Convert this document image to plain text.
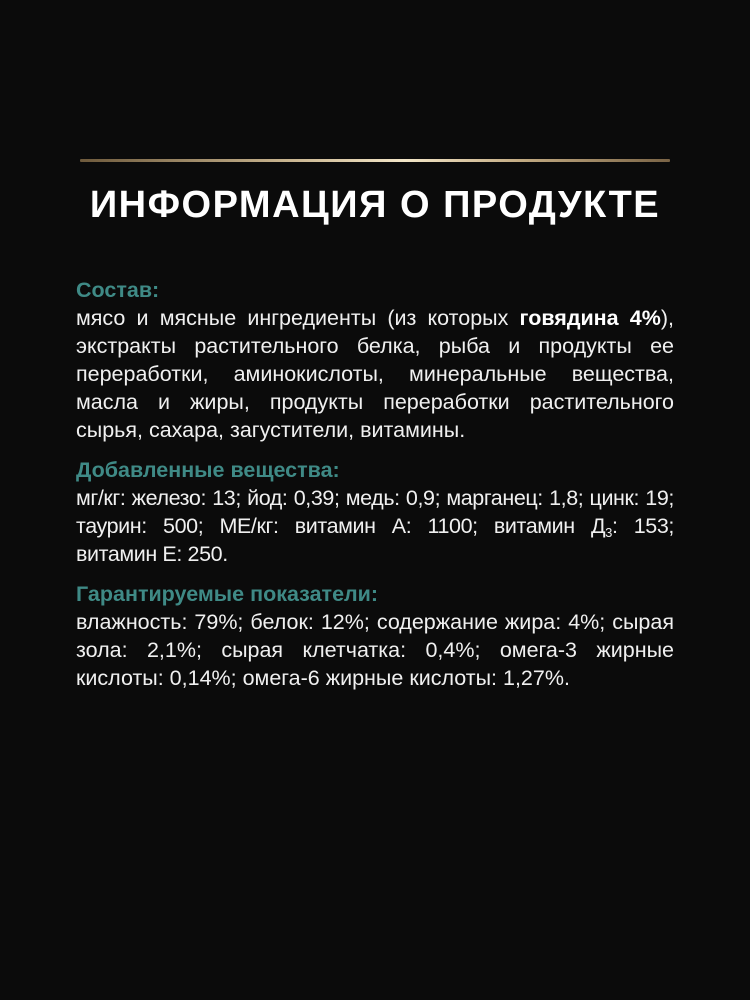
ИНФОРМАЦИЯ О ПРОДУКТЕ
Состав:
мясо и мясные ингредиенты (из которых говядина 4%), экстракты растительного белка, рыба и продукты ее переработки, аминокислоты, минеральные вещества, масла и жиры, продукты переработки растительного сырья, сахара, загустители, витамины.
Добавленные вещества:
мг/кг: железо: 13; йод: 0,39; медь: 0,9; марганец: 1,8; цинк: 19; таурин: 500; МЕ/кг: витамин А: 1100; витамин $Д_3$: 153; витамин Е: 250.
Гарантируемые показатели:
влажность: 79%; белок: 12%; содержание жира: 4%; сырая зола: 2,1%; сырая клетчатка: 0,4%; омега-3 жирные кислоты: 0,14%; омега-6 жирные кислоты: 1,27%.
